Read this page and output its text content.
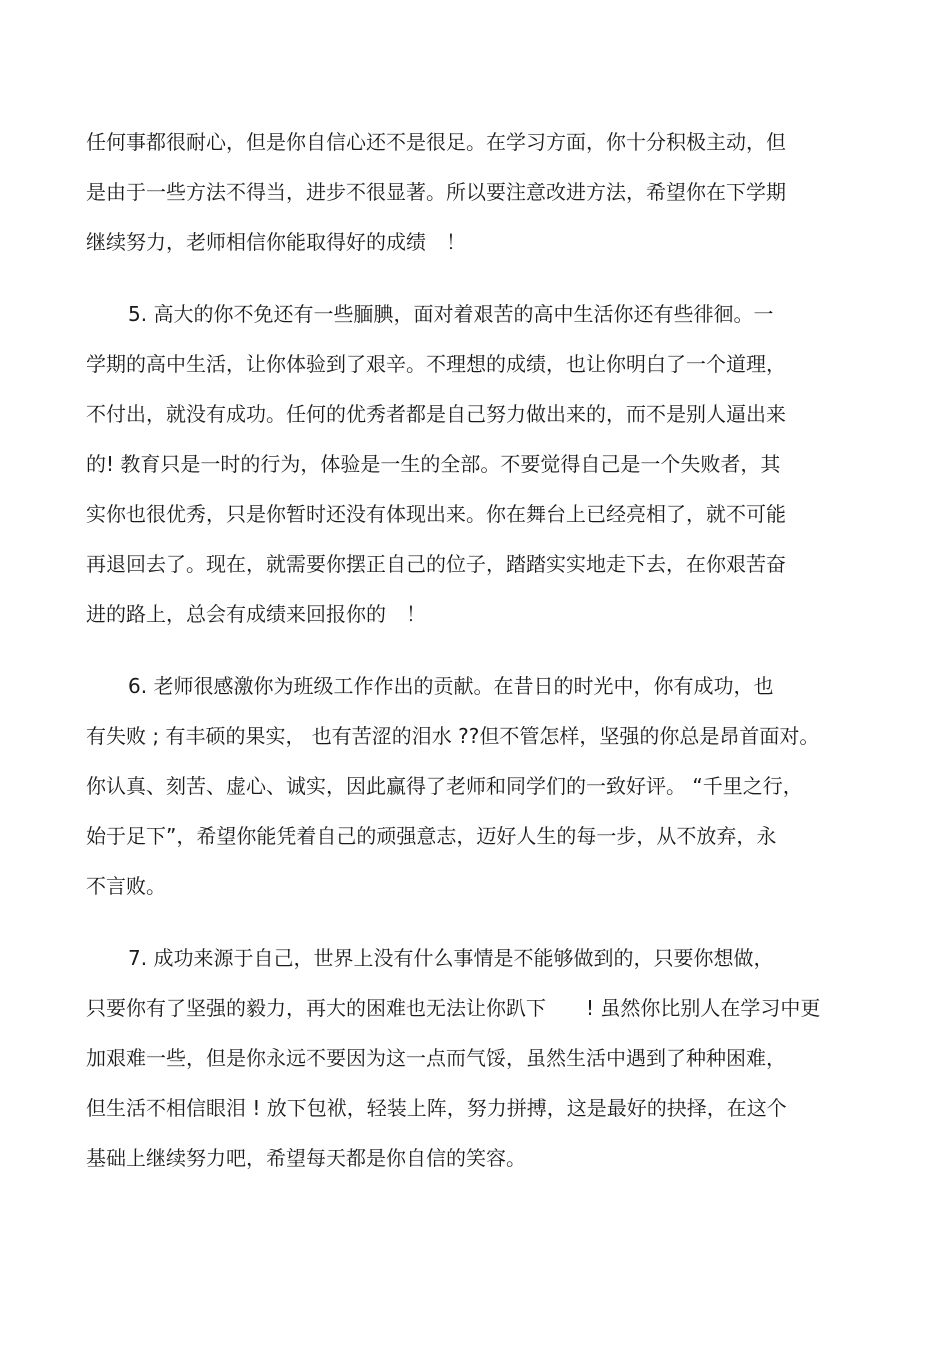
任何事都很耐心，但是你自信心还不是很足。在学习方面，你十分积极主动，但
是由于一些方法不得当，进步不很显著。所以要注意改进方法，希望你在下学期
继续努力，老师相信你能取得好的成绩　！
5. 高大的你不免还有一些腼腆，面对着艰苦的高中生活你还有些徘徊。一
学期的高中生活，让你体验到了艰辛。不理想的成绩，也让你明白了一个道理，
不付出，就没有成功。任何的优秀者都是自己努力做出来的，而不是别人逼出来
的! 教育只是一时的行为，体验是一生的全部。不要觉得自己是一个失败者，其
实你也很优秀，只是你暂时还没有体现出来。你在舞台上已经亮相了，就不可能
再退回去了。现在，就需要你摆正自己的位子，踏踏实实地走下去，在你艰苦奋
进的路上，总会有成绩来回报你的　！
6. 老师很感激你为班级工作作出的贡献。在昔日的时光中，你有成功，也
有失败 ; 有丰硕的果实， 也有苦涩的泪水 ??但不管怎样，坚强的你总是昂首面对。
你认真、刻苦、虚心、诚实，因此赢得了老师和同学们的一致好评。 “千里之行，
始于足下”，希望你能凭着自己的顽强意志，迈好人生的每一步，从不放弃，永
不言败。
7. 成功来源于自己，世界上没有什么事情是不能够做到的，只要你想做，
只要你有了坚强的毅力，再大的困难也无法让你趴下　　! 虽然你比别人在学习中更
加艰难一些，但是你永远不要因为这一点而气馁，虽然生活中遇到了种种困难，
但生活不相信眼泪 ! 放下包袱，轻装上阵，努力拼搏，这是最好的抉择，在这个
基础上继续努力吧，希望每天都是你自信的笑容。
